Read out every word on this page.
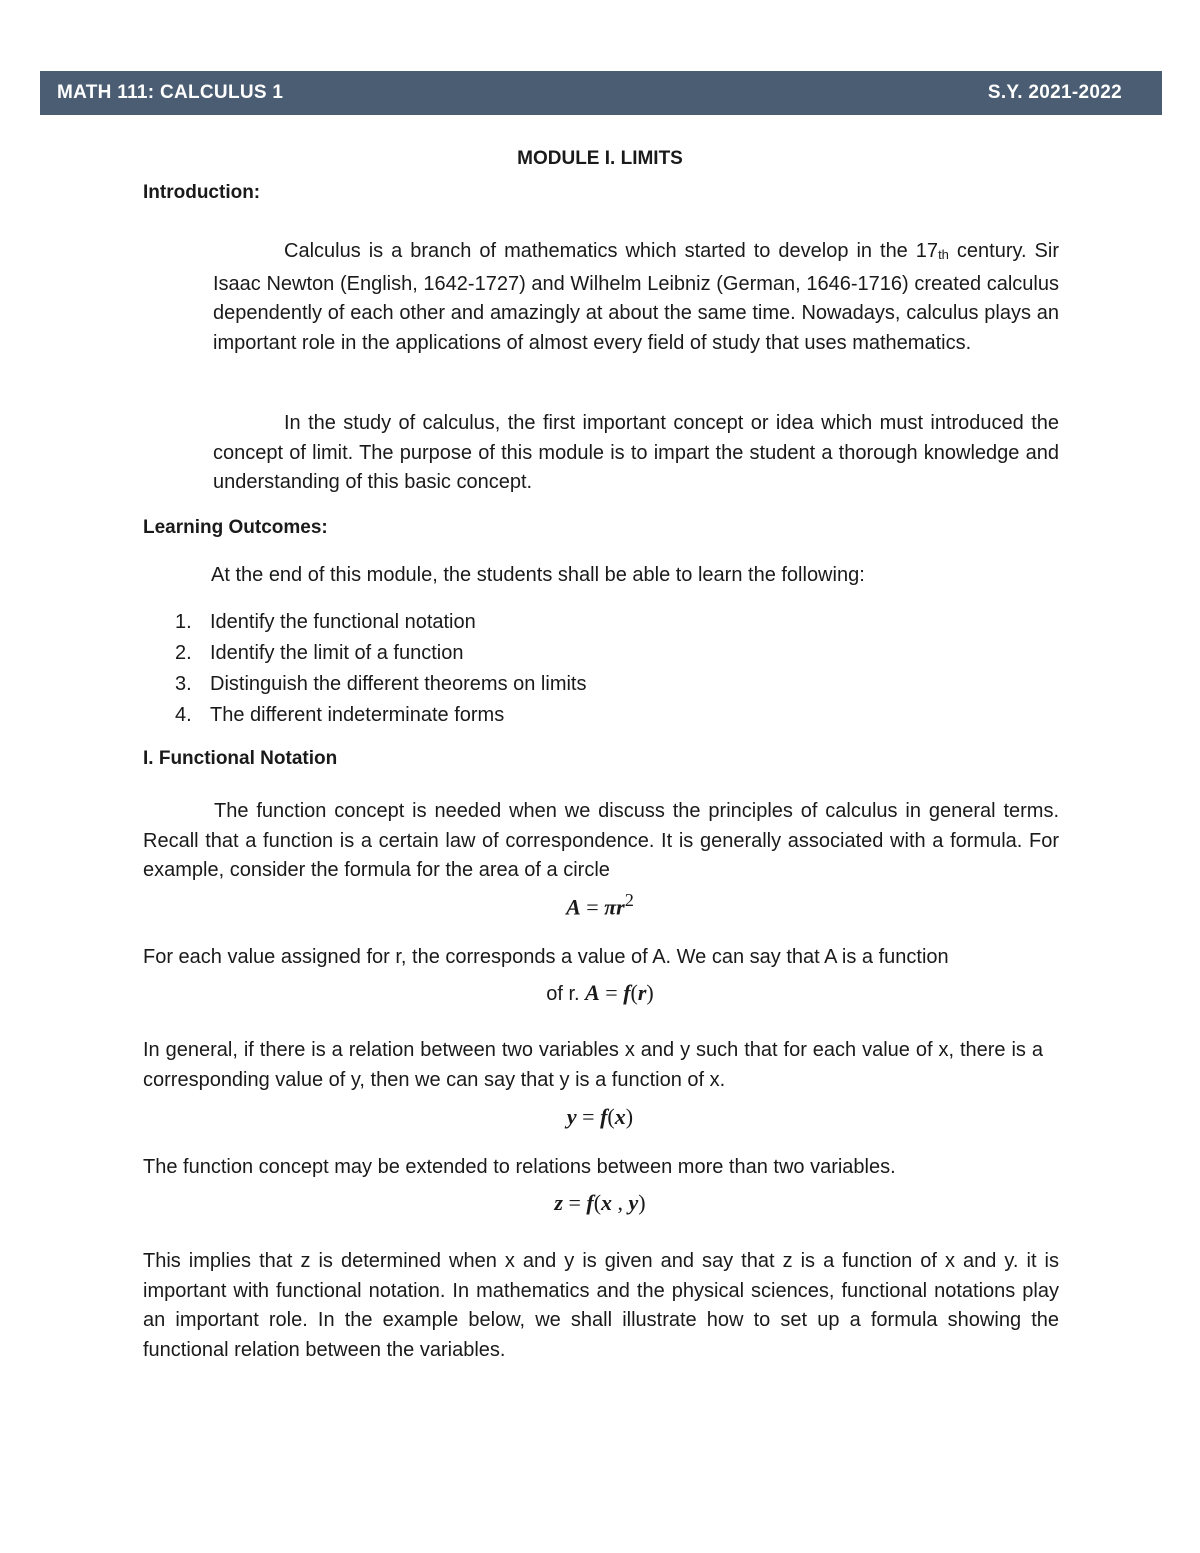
MATH 111: CALCULUS 1	S.Y. 2021-2022
MODULE I. LIMITS
Introduction:

Calculus is a branch of mathematics which started to develop in the $17_{th}$ century. Sir Isaac Newton (English, 1642-1727) and Wilhelm Leibniz (German, 1646-1716) created calculus dependently of each other and amazingly at about the same time. Nowadays, calculus plays an important role in the applications of almost every field of study that uses mathematics.

In the study of calculus, the first important concept or idea which must introduced the concept of limit. The purpose of this module is to impart the student a thorough knowledge and understanding of this basic concept.

Learning Outcomes:
At the end of this module, the students shall be able to learn the following:
1. Identify the functional notation
2. Identify the limit of a function
3. Distinguish the different theorems on limits
4. The different indeterminate forms
I. Functional Notation

The function concept is needed when we discuss the principles of calculus in general terms. Recall that a function is a certain law of correspondence. It is generally associated with a formula. For example, consider the formula for the area of a circle

$A = \pi r^2$
For each value assigned for r, the corresponds a value of A. We can say that A is a function
of r. A = f(r)

In general, if there is a relation between two variables x and y such that for each value of x, there is a corresponding value of y, then we can say that y is a function of x.

y = f(x)
The function concept may be extended to relations between more than two variables.
z = f(x , y)

This implies that z is determined when x and y is given and say that z is a function of x and y. it is important with functional notation. In mathematics and the physical sciences, functional notations play an important role. In the example below, we shall illustrate how to set up a formula showing the functional relation between the variables.
